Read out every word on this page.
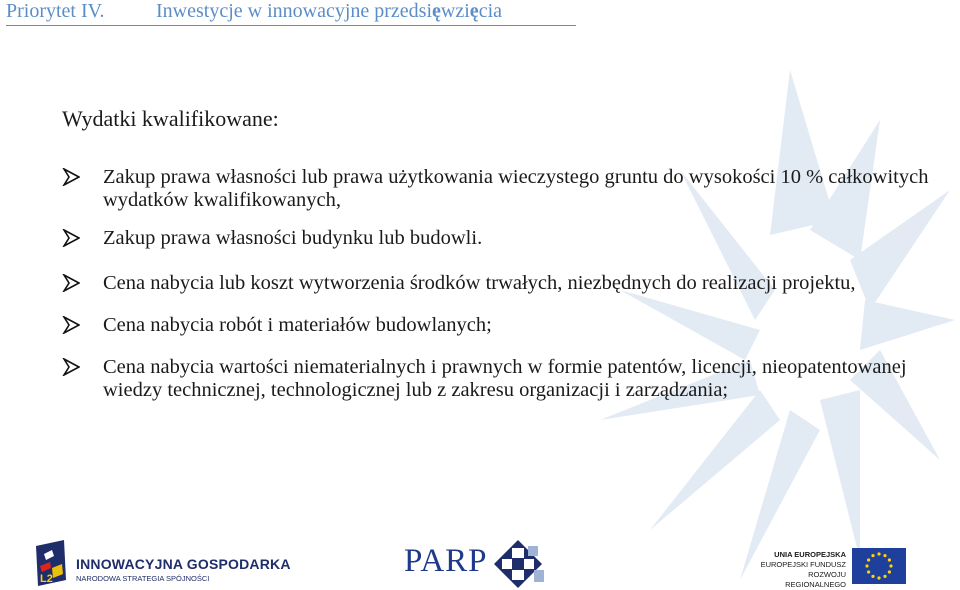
Priorytet IV.	Inwestycje w innowacyjne przedsięwzięcia
Wydatki kwalifikowane:
Zakup prawa własności lub prawa użytkowania wieczystego gruntu do wysokości 10 % całkowitych wydatków kwalifikowanych,
Zakup prawa własności budynku lub budowli.
Cena nabycia lub koszt wytworzenia środków trwałych, niezbędnych do realizacji projektu,
Cena nabycia robót i materiałów budowlanych;
Cena nabycia wartości niematerialnych i prawnych w formie patentów, licencji, nieopatentowanej wiedzy technicznej, technologicznej lub z zakresu organizacji i zarządzania;
L2
INNOWACYJNA GOSPODARKA
NARODOWA STRATEGIA SPÓJNOŚCI	PARP	UNIA EUROPEJSKA
EUROPEJSKI FUNDUSZ
ROZWOJU REGIONALNEGO
